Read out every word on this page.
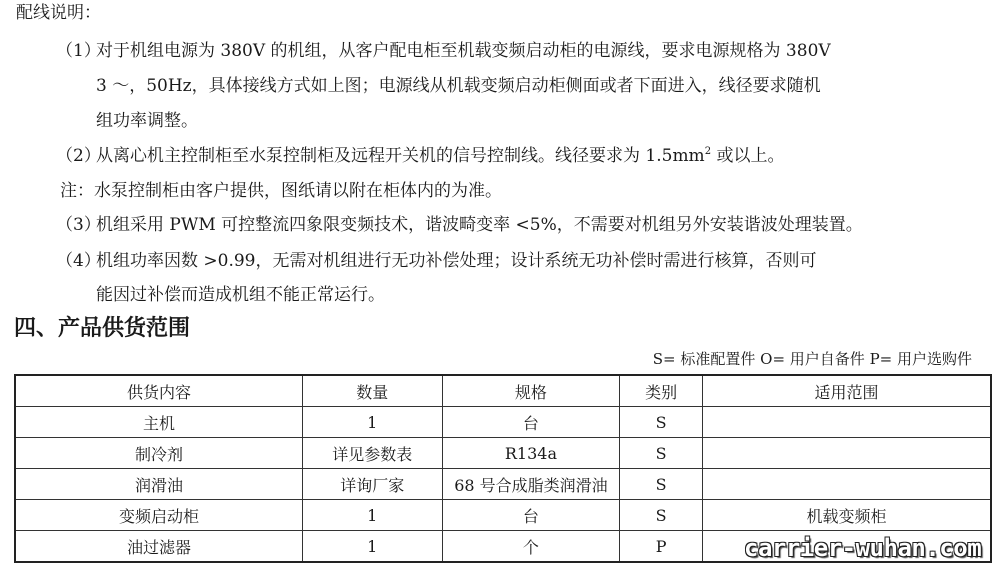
配线说明：
（1）对于机组电源为 380V 的机组，从客户配电柜至机载变频启动柜的电源线，要求电源规格为 380V
3 ～，50Hz，具体接线方式如上图；电源线从机载变频启动柜侧面或者下面进入，线径要求随机
组功率调整。
（2）从离心机主控制柜至水泵控制柜及远程开关机的信号控制线。线径要求为 $1.5mm^2$ 或以上。
注：水泵控制柜由客户提供，图纸请以附在柜体内的为准。
（3）机组采用 PWM 可控整流四象限变频技术，谐波畸变率 <5%，不需要对机组另外安装谐波处理装置。
（4）机组功率因数 >0.99，无需对机组进行无功补偿处理；设计系统无功补偿时需进行核算，否则可
能因过补偿而造成机组不能正常运行。
四、产品供货范围
S= 标准配置件 O= 用户自备件 P= 用户选购件
供货内容	数量	规格	类别	适用范围
主机	1	台	S	
制冷剂	详见参数表	R134a	S	
润滑油	详询厂家	68 号合成脂类润滑油	S	
变频启动柜	1	台	S	机载变频柜
油过滤器	1	个	P		carrier-wuhan.com
